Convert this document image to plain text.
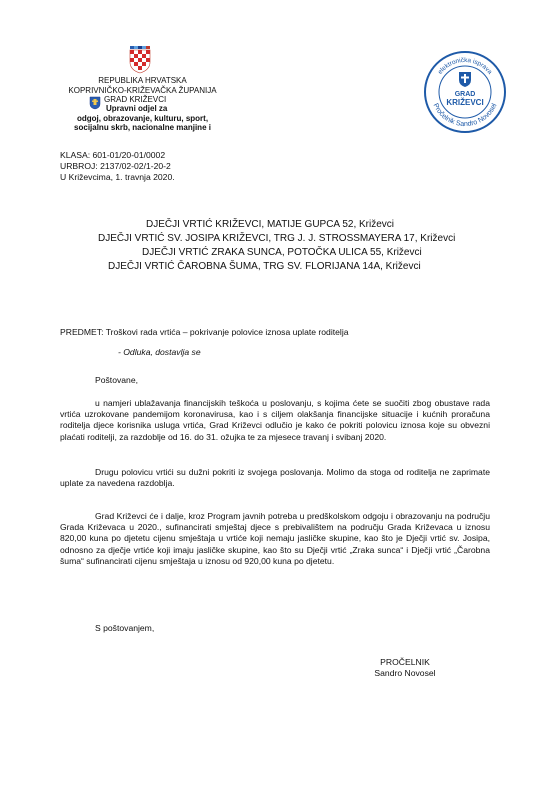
REPUBLIKA HRVATSKA
KOPRIVNIČKO-KRIŽEVAČKA ŽUPANIJA
GRAD KRIŽEVCI
Upravni odjel za
odgoj, obrazovanje, kulturu, sport,
socijalnu skrb, nacionalne manjine i
elektronička isprava
Pročelnik Sandro Novosel
GRAD
KRIŽEVCI
KLASA: 601-01/20-01/0002
URBROJ: 2137/02-02/1-20-2
U Križevcima, 1. travnja 2020.
DJEČJI VRTIĆ KRIŽEVCI, MATIJE GUPCA 52, Križevci
DJEČJI VRTIĆ SV. JOSIPA KRIŽEVCI, TRG J. J. STROSSMAYERA 17, Križevci
DJEČJI VRTIĆ ZRAKA SUNCA, POTOČKA ULICA 55, Križevci
DJEČJI VRTIĆ ČAROBNA ŠUMA, TRG SV. FLORIJANA 14A, Križevci
PREDMET: Troškovi rada vrtića – pokrivanje polovice iznosa uplate roditelja
- Odluka, dostavlja se
Poštovane,
u namjeri ublažavanja financijskih teškoća u poslovanju, s kojima ćete se suočiti zbog obustave rada vrtića uzrokovane pandemijom koronavirusa, kao i s ciljem olakšanja financijske situacije i kućnih proračuna roditelja djece korisnika usluga vrtića, Grad Križevci odlučio je kako će pokriti polovicu iznosa koje su obvezni plaćati roditelji, za razdoblje od 16. do 31. ožujka te za mjesece travanj i svibanj 2020.
Drugu polovicu vrtići su dužni pokriti iz svojega poslovanja. Molimo da stoga od roditelja ne zaprimate uplate za navedena razdoblja.
Grad Križevci će i dalje, kroz Program javnih potreba u predškolskom odgoju i obrazovanju na području Grada Križevaca u 2020., sufinancirati smještaj djece s prebivalištem na području Grada Križevaca u iznosu 820,00 kuna po djetetu cijenu smještaja u vrtiće koji nemaju jasličke skupine, kao što je Dječji vrtić sv. Josipa, odnosno za dječje vrtiće koji imaju jasličke skupine, kao što su Dječji vrtić „Zraka sunca“ i Dječji vrtić „Čarobna šuma“ sufinancirati cijenu smještaja u iznosu od 920,00 kuna po djetetu.
S poštovanjem,
PROČELNIK
Sandro Novosel
